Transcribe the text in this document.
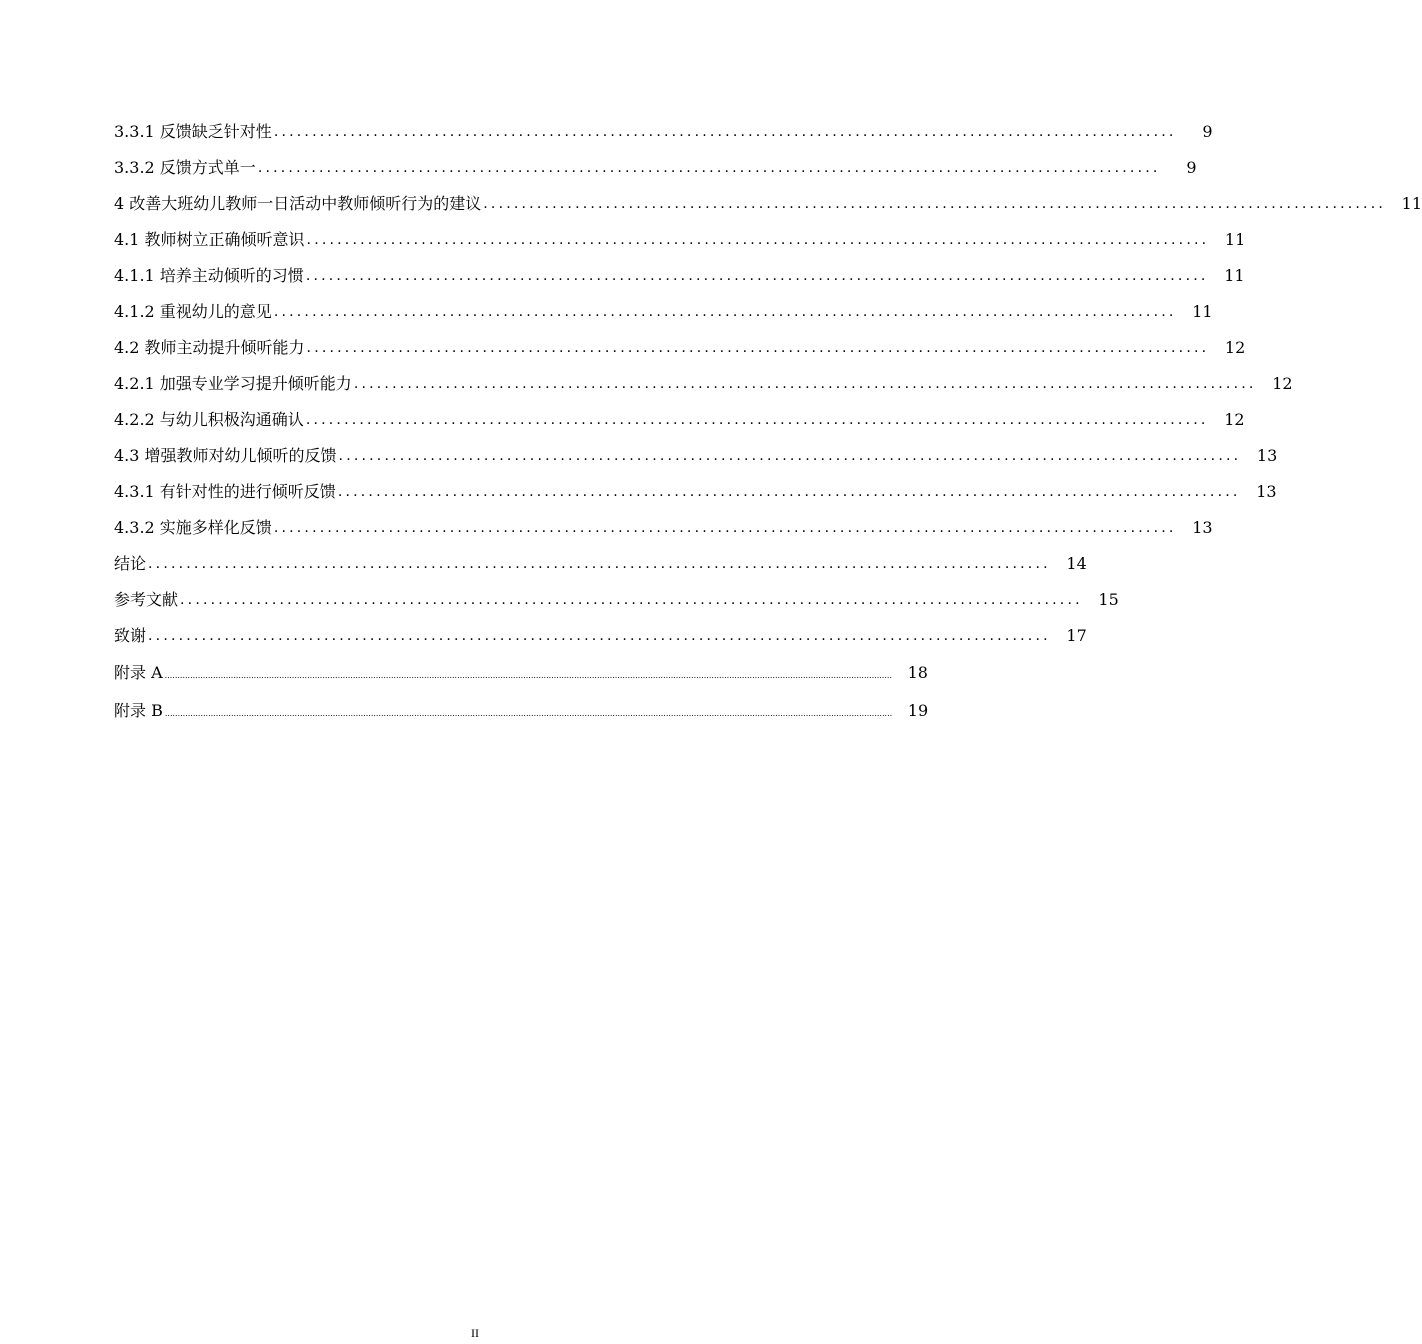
3.3.1 反馈缺乏针对性 ......................................................................................................................	9
3.3.2 反馈方式单一 ......................................................................................................................	9
4 改善大班幼儿教师一日活动中教师倾听行为的建议 ...................................................................................................................... 11
4.1 教师树立正确倾听意识 ...................................................................................................................... 11
4.1.1 培养主动倾听的习惯 ...................................................................................................................... 11
4.1.2 重视幼儿的意见 ...................................................................................................................... 11
4.2 教师主动提升倾听能力 ...................................................................................................................... 12
4.2.1 加强专业学习提升倾听能力 ...................................................................................................................... 12
4.2.2 与幼儿积极沟通确认 ...................................................................................................................... 12
4.3 增强教师对幼儿倾听的反馈 ...................................................................................................................... 13
4.3.1 有针对性的进行倾听反馈 ...................................................................................................................... 13
4.3.2 实施多样化反馈 ...................................................................................................................... 13
结论 ...................................................................................................................... 14
参考文献 ...................................................................................................................... 15
致谢 ...................................................................................................................... 17
附录 A .............................................................................................................................................................................................................................................................................................. 18
附录 B .............................................................................................................................................................................................................................................................................................. 19
II
